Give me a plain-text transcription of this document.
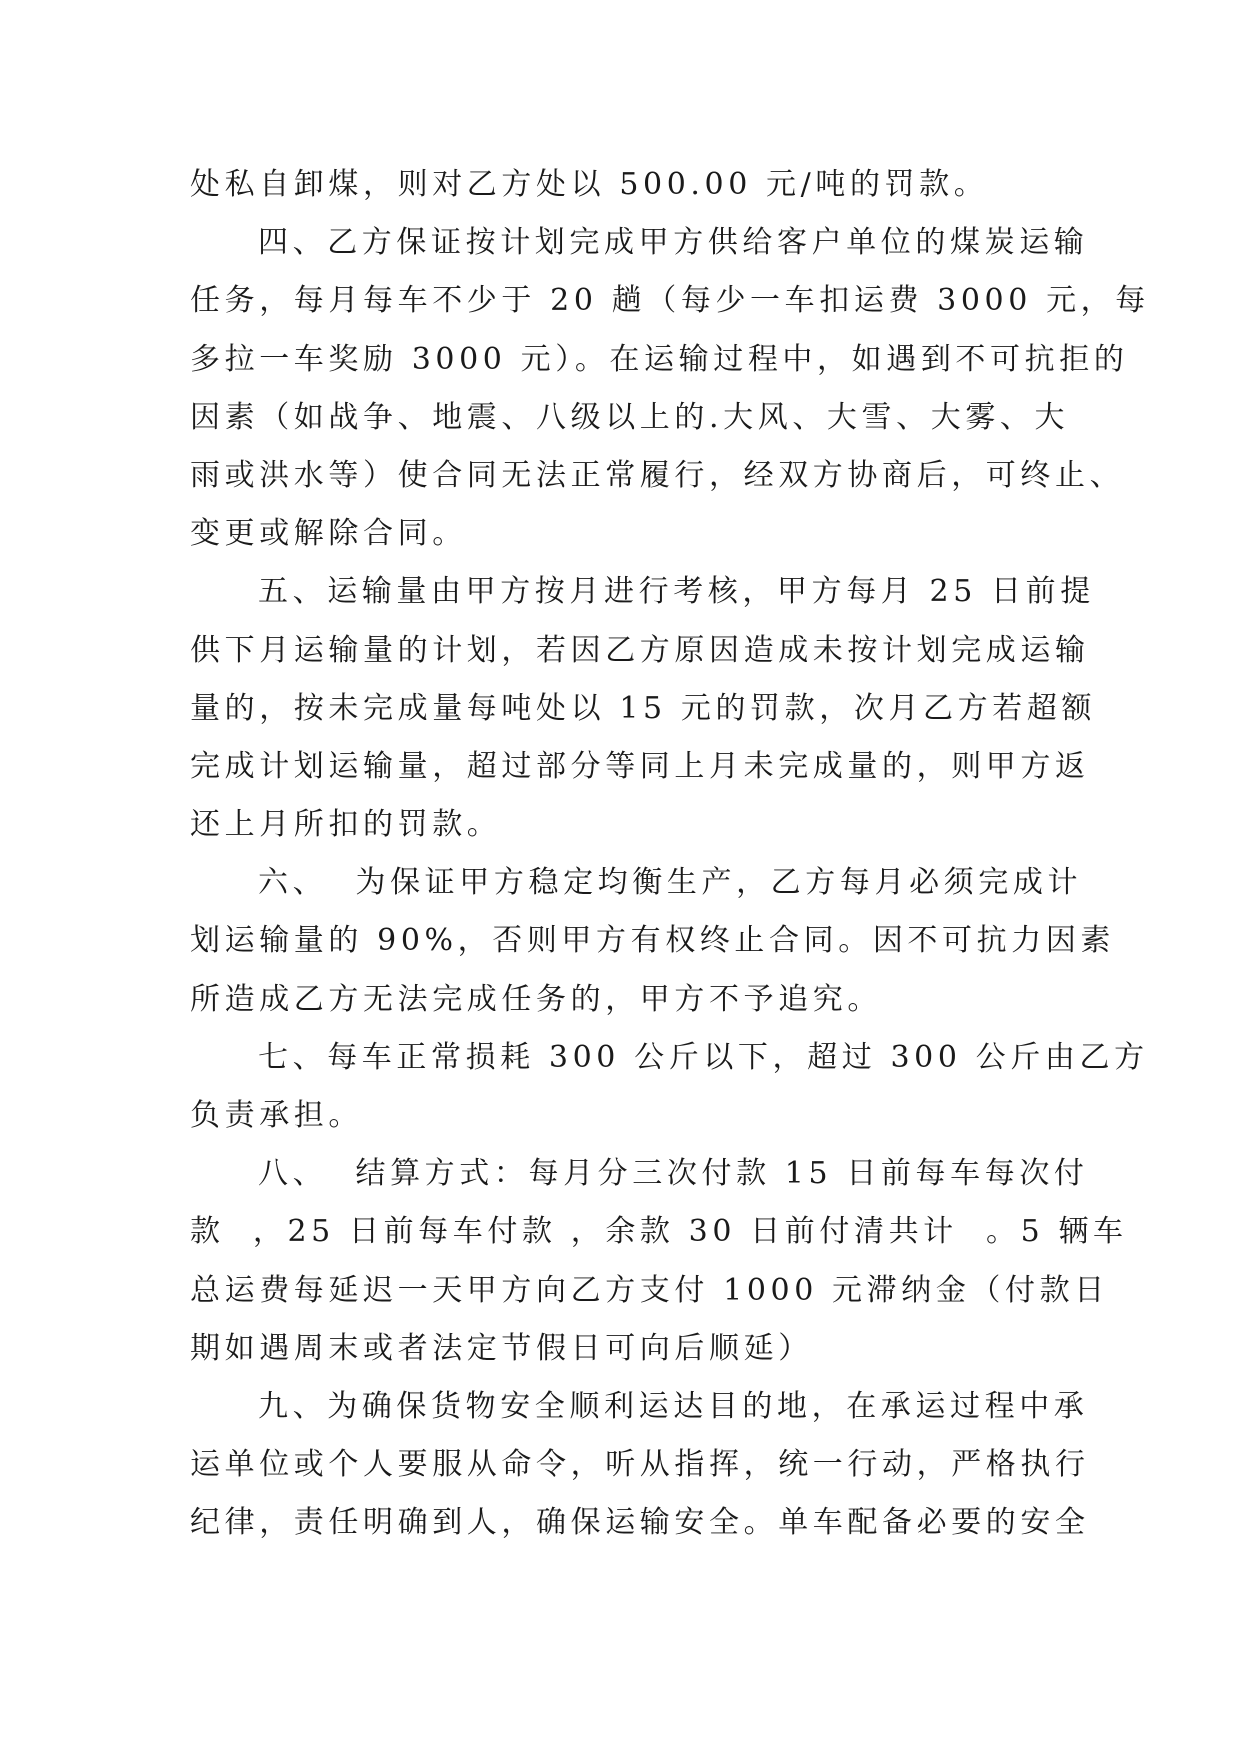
处私自卸煤，则对乙方处以 500.00 元/吨的罚款。
四、乙方保证按计划完成甲方供给客户单位的煤炭运输
任务，每月每车不少于 20 趟（每少一车扣运费 3000 元，每
多拉一车奖励 3000 元）。在运输过程中，如遇到不可抗拒的
因素（如战争、地震、八级以上的.大风、大雪、大雾、大
雨或洪水等）使合同无法正常履行，经双方协商后，可终止、
变更或解除合同。
五、运输量由甲方按月进行考核，甲方每月 25 日前提
供下月运输量的计划，若因乙方原因造成未按计划完成运输
量的，按未完成量每吨处以 15 元的罚款，次月乙方若超额
完成计划运输量，超过部分等同上月未完成量的，则甲方返
还上月所扣的罚款。
六、  为保证甲方稳定均衡生产，乙方每月必须完成计
划运输量的 90%，否则甲方有权终止合同。因不可抗力因素
所造成乙方无法完成任务的，甲方不予追究。
七、每车正常损耗 300 公斤以下，超过 300 公斤由乙方
负责承担。
八、  结算方式：每月分三次付款 15 日前每车每次付
款  ，25 日前每车付款 ，余款 30 日前付清共计  。5 辆车
总运费每延迟一天甲方向乙方支付 1000 元滞纳金（付款日
期如遇周末或者法定节假日可向后顺延）
九、为确保货物安全顺利运达目的地，在承运过程中承
运单位或个人要服从命令，听从指挥，统一行动，严格执行
纪律，责任明确到人，确保运输安全。单车配备必要的安全
